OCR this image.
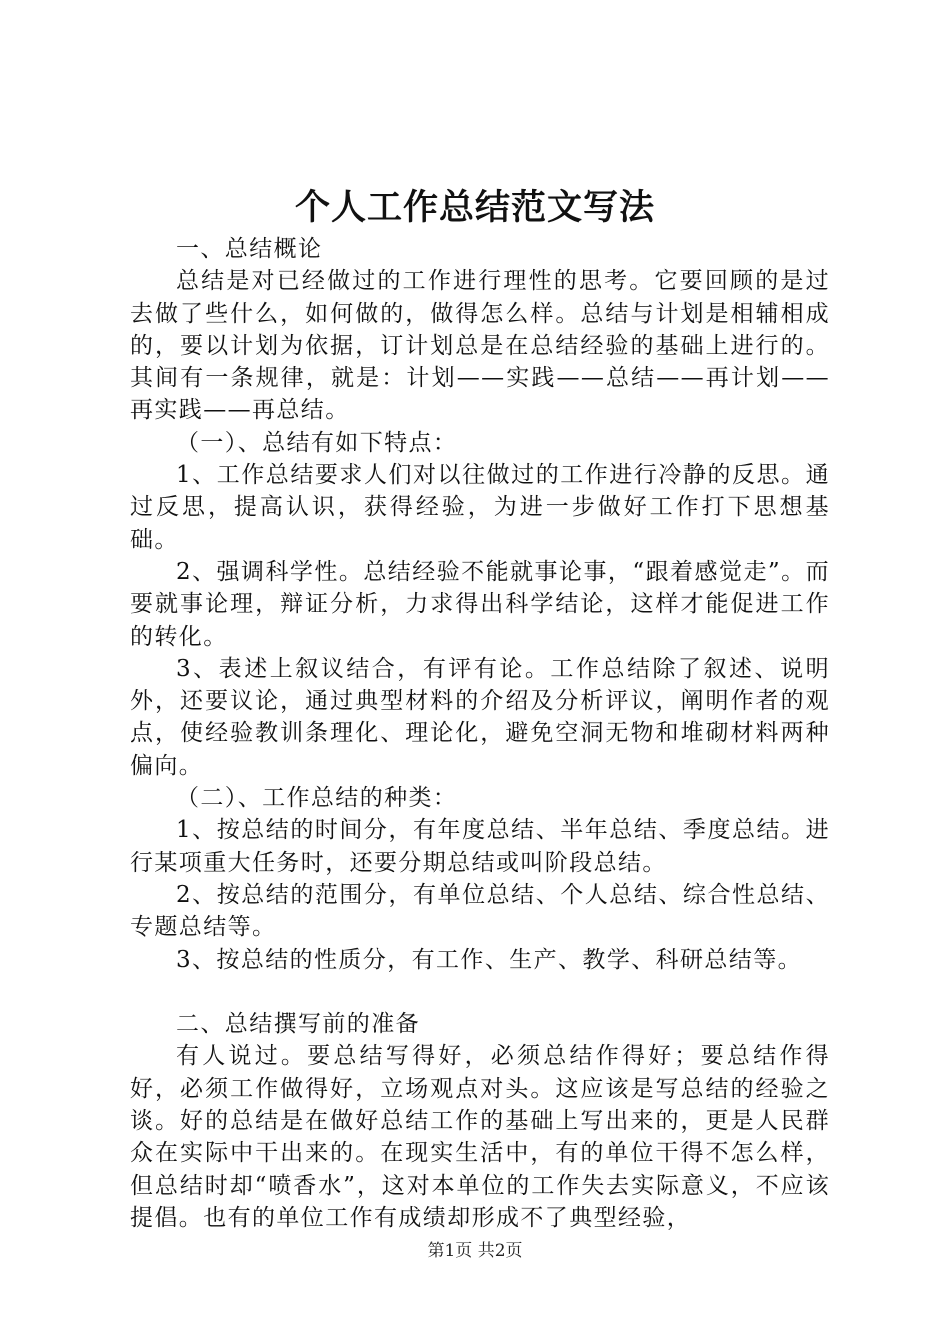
个人工作总结范文写法

一、总结概论

总结是对已经做过的工作进行理性的思考。它要回顾的是过去做了些什么，如何做的，做得怎么样。总结与计划是相辅相成的，要以计划为依据，订计划总是在总结经验的基础上进行的。其间有一条规律，就是：计划——实践——总结——再计划——再实践——再总结。

（一）、总结有如下特点：

1、工作总结要求人们对以往做过的工作进行冷静的反思。通过反思，提高认识，获得经验，为进一步做好工作打下思想基础。

2、强调科学性。总结经验不能就事论事，“跟着感觉走”。而要就事论理，辩证分析，力求得出科学结论，这样才能促进工作的转化。

3、表述上叙议结合，有评有论。工作总结除了叙述、说明外，还要议论，通过典型材料的介绍及分析评议，阐明作者的观点，使经验教训条理化、理论化，避免空洞无物和堆砌材料两种偏向。

（二）、工作总结的种类：

1、按总结的时间分，有年度总结、半年总结、季度总结。进行某项重大任务时，还要分期总结或叫阶段总结。

2、按总结的范围分，有单位总结、个人总结、综合性总结、专题总结等。

3、按总结的性质分，有工作、生产、教学、科研总结等。

二、总结撰写前的准备

有人说过。要总结写得好，必须总结作得好；要总结作得好，必须工作做得好，立场观点对头。这应该是写总结的经验之谈。好的总结是在做好总结工作的基础上写出来的，更是人民群众在实际中干出来的。在现实生活中，有的单位干得不怎么样，但总结时却“喷香水”，这对本单位的工作失去实际意义，不应该提倡。也有的单位工作有成绩却形成不了典型经验，

第1页 共2页
